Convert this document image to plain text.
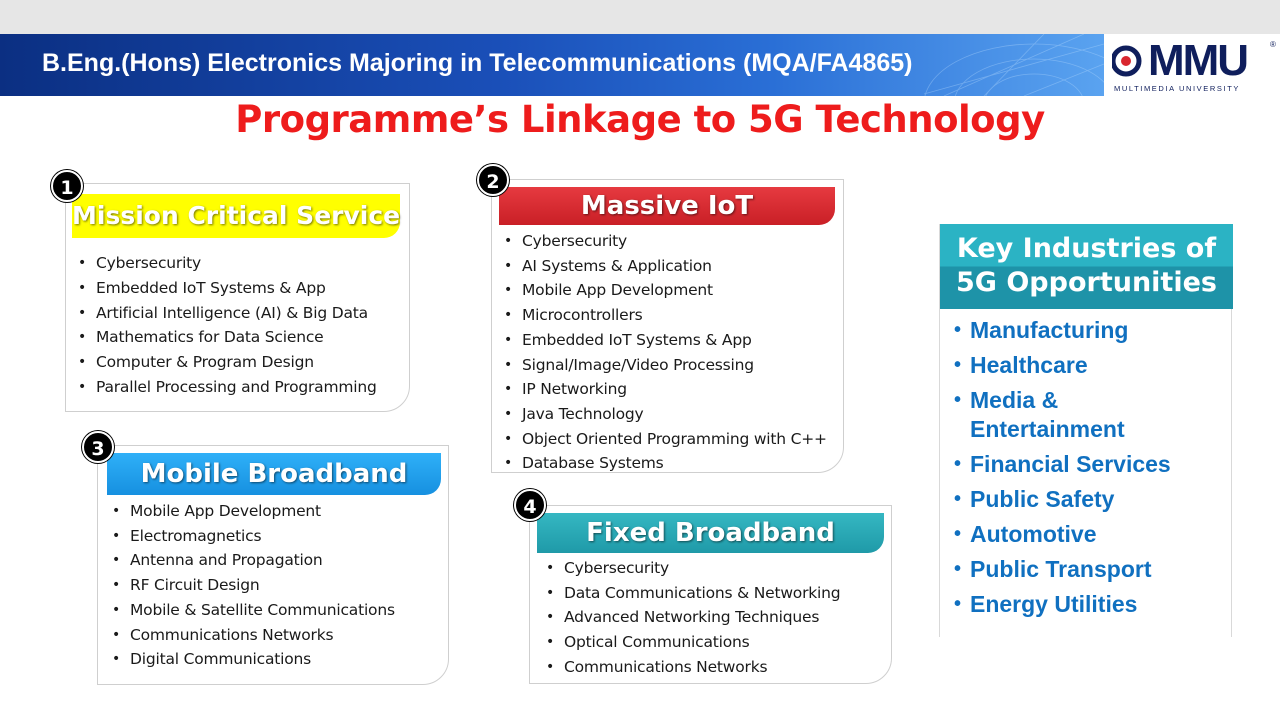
B.Eng.(Hons) Electronics Majoring in Telecommunications (MQA/FA4865)	MMU	®
MULTIMEDIA UNIVERSITY
Programme’s Linkage to 5G Technology
Mission Critical Service
• Cybersecurity
• Embedded IoT Systems & App
• Artificial Intelligence (AI) & Big Data
• Mathematics for Data Science
• Computer & Program Design
• Parallel Processing and Programming
1
Massive IoT
• Cybersecurity
• AI Systems & Application
• Mobile App Development
• Microcontrollers
• Embedded IoT Systems & App
• Signal/Image/Video Processing
• IP Networking
• Java Technology
• Object Oriented Programming with C++
• Database Systems
2
Mobile Broadband
• Mobile App Development
• Electromagnetics
• Antenna and Propagation
• RF Circuit Design
• Mobile & Satellite Communications
• Communications Networks
• Digital Communications
3
Fixed Broadband
• Cybersecurity
• Data Communications & Networking
• Advanced Networking Techniques
• Optical Communications
• Communications Networks
4
Key Industries of
5G Opportunities
• Manufacturing
• Healthcare
• Media & Entertainment
• Financial Services
• Public Safety
• Automotive
• Public Transport
• Energy Utilities
